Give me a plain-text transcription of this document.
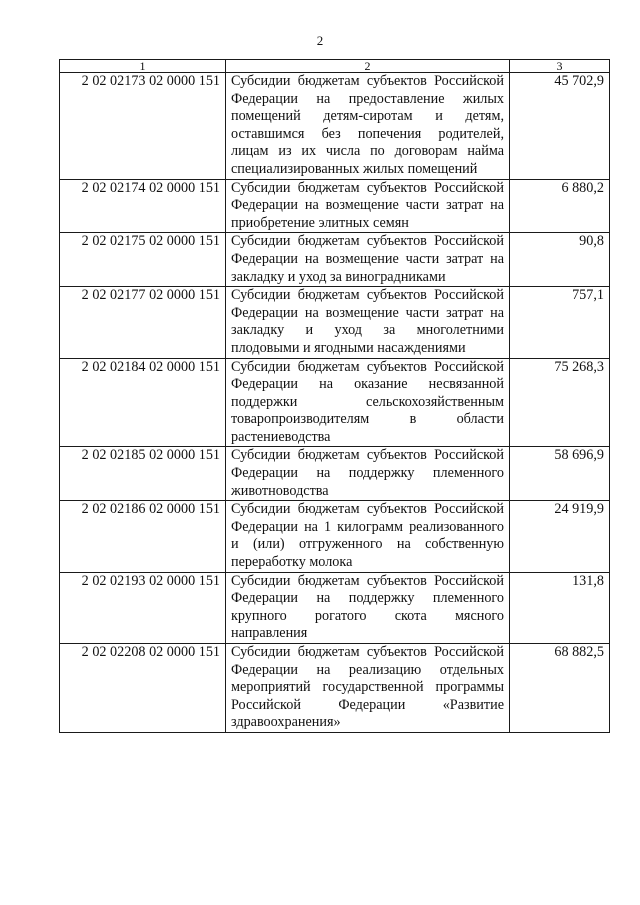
2
1	2	3
2 02 02173 02 0000 151	Субсидии бюджетам субъектов Российской Федерации на предоставление жилых помещений детям-сиротам и детям, оставшимся без попечения родителей, лицам из их числа по договорам найма специализированных жилых помещений	45 702,9
2 02 02174 02 0000 151	Субсидии бюджетам субъектов Российской Федерации на возмещение части затрат на приобретение элитных семян	6 880,2
2 02 02175 02 0000 151	Субсидии бюджетам субъектов Российской Федерации на возмещение части затрат на закладку и уход за виноградниками	90,8
2 02 02177 02 0000 151	Субсидии бюджетам субъектов Российской Федерации на возмещение части затрат на закладку и уход за многолетними плодовыми и ягодными насаждениями	757,1
2 02 02184 02 0000 151	Субсидии бюджетам субъектов Российской Федерации на оказание несвязанной поддержки сельскохозяйственным товаропроизводителям в области растениеводства	75 268,3
2 02 02185 02 0000 151	Субсидии бюджетам субъектов Российской Федерации на поддержку племенного животноводства	58 696,9
2 02 02186 02 0000 151	Субсидии бюджетам субъектов Российской Федерации на 1 килограмм реализованного и (или) отгруженного на собственную переработку молока	24 919,9
2 02 02193 02 0000 151	Субсидии бюджетам субъектов Российской Федерации на поддержку племенного крупного рогатого скота мясного направления	131,8
2 02 02208 02 0000 151	Субсидии бюджетам субъектов Российской Федерации на реализацию отдельных мероприятий государственной программы Российской Федерации «Развитие здравоохранения»	68 882,5
